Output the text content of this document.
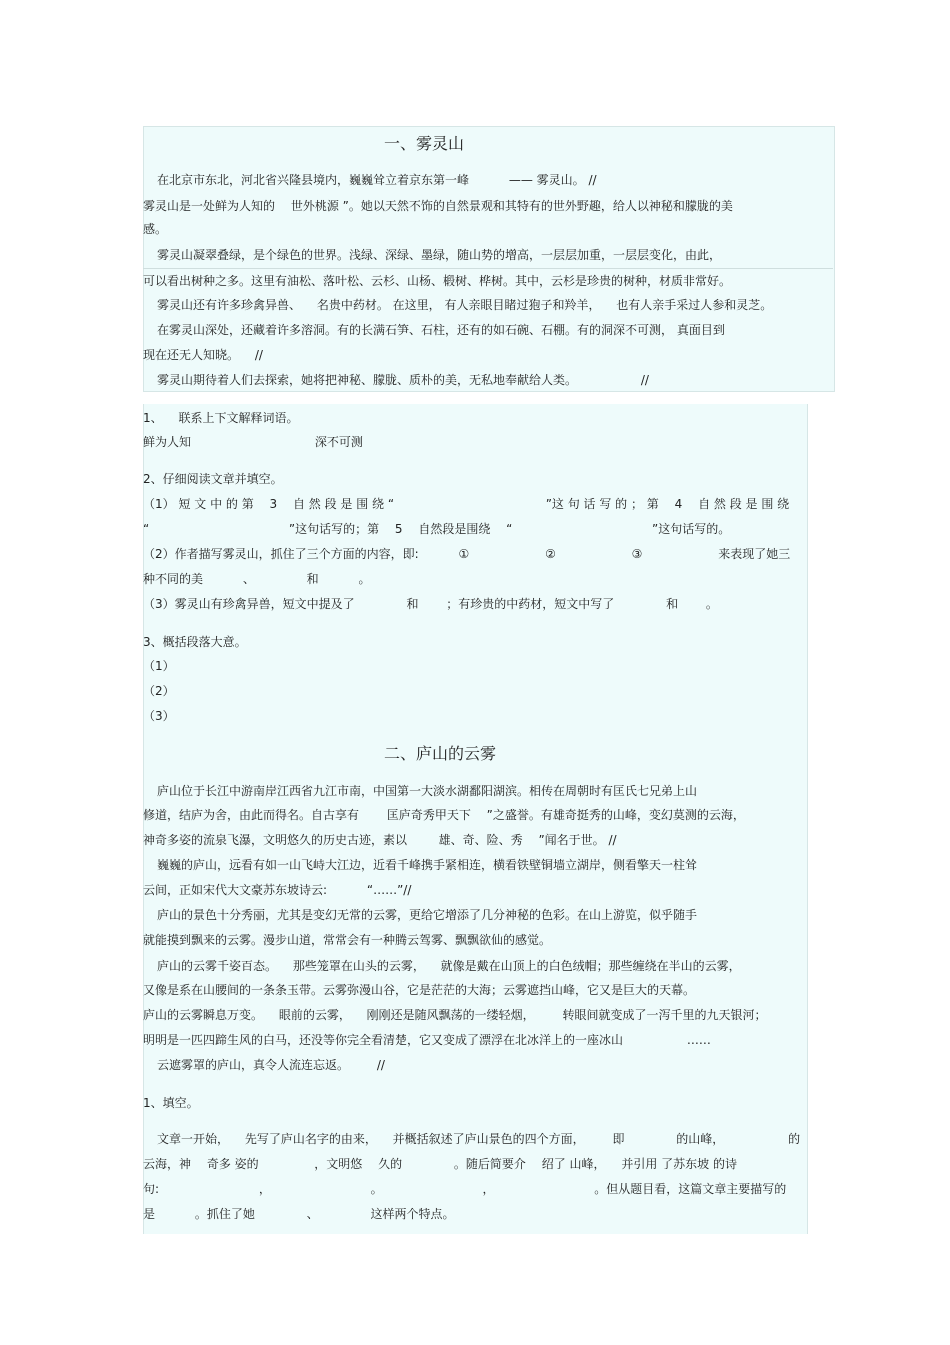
一、雾灵山
在北京市东北，河北省兴隆县境内，巍巍耸立着京东第一峰 　　　—— 雾灵山。 //
雾灵山是一处鲜为人知的 　世外桃源 ”。她以天然不饰的自然景观和其特有的世外野趣，给人以神秘和朦胧的美
感。
雾灵山凝翠叠绿，是个绿色的世界。浅绿、深绿、墨绿，随山势的增高，一层层加重，一层层变化，由此，
可以看出树种之多。这里有油松、落叶松、云杉、山杨、椴树、桦树。其中，云杉是珍贵的树种，材质非常好。
雾灵山还有许多珍禽异兽、 　名贵中药材。 在这里， 有人亲眼目睹过狍子和羚羊， 　也有人亲手采过人参和灵芝。
在雾灵山深处，还藏着许多溶洞。有的长满石笋、石柱，还有的如石碗、石棚。有的洞深不可测， 真面目到
现在还无人知晓。 　//
雾灵山期待着人们去探索，她将把神秘、朦胧、质朴的美，无私地奉献给人类。 　　　　　//
1、 　联系上下文解释词语。
鲜为人知 　　　　　　　　　　深不可测
2、仔细阅读文章并填空。
（1） 短 文 中 的 第 　3 　自 然 段 是 围 绕 “ 　　　　　　　　　　　　 ”这 句 话 写 的 ； 第 　4 　自 然 段 是 围 绕
“ 　　　　　　　　　　 　”这句话写的；第 　5 　自然段是围绕 　“ 　　　　　　　　　　 　”这句话写的。
（2）作者描写雾灵山，抓住了三个方面的内容，即: 　　　① 　　　　　　② 　　　　　　③ 　　　　　　来表现了她三
种不同的美 　　　、 　　　　和 　　　。
（3）雾灵山有珍禽异兽，短文中提及了 　　　　和 　　；有珍贵的中药材，短文中写了 　　　　和 　　。
3、概括段落大意。
（1）
（2）
（3）
二、庐山的云雾
庐山位于长江中游南岸江西省九江市南，中国第一大淡水湖鄱阳湖滨。相传在周朝时有匡氏七兄弟上山
修道，结庐为舍，由此而得名。自古享有 　　匡庐奇秀甲天下 　”之盛誉。有雄奇挺秀的山峰，变幻莫测的云海，
神奇多姿的流泉飞瀑，文明悠久的历史古迹，素以 　　 雄、奇、险、秀 　”闻名于世。 //
巍巍的庐山，远看有如一山飞峙大江边，近看千峰携手紧相连，横看铁壁铜墙立湖岸，侧看擎天一柱耸
云间，正如宋代大文豪苏东坡诗云: 　　　“……”//
庐山的景色十分秀丽，尤其是变幻无常的云雾，更给它增添了几分神秘的色彩。在山上游览，似乎随手
就能摸到飘来的云雾。漫步山道，常常会有一种腾云驾雾、飘飘欲仙的感觉。
庐山的云雾千姿百态。 　那些笼罩在山头的云雾， 　就像是戴在山顶上的白色绒帽；那些缠绕在半山的云雾，
又像是系在山腰间的一条条玉带。云雾弥漫山谷，它是茫茫的大海；云雾遮挡山峰，它又是巨大的天幕。
庐山的云雾瞬息万变。 　眼前的云雾， 　刚刚还是随风飘荡的一缕轻烟， 　　转眼间就变成了一泻千里的九天银河；
明明是一匹四蹄生风的白马，还没等你完全看清楚，它又变成了漂浮在北冰洋上的一座冰山 　　　　　……
云遮雾罩的庐山，真令人流连忘返。 　　//
1、填空。
文章一开始， 　先写了庐山名字的由来， 　并概括叙述了庐山景色的四个方面， 　　即 　　　　的山峰， 　　　　　的
云海，神 　奇多 姿的 　　　　 ，文明悠 　久的 　　　　。随后简要介 　绍了 山峰， 　并引用 了苏东坡 的诗
句: 　　　　　　　　， 　　　　　　　　。 　　　　　　　　， 　　　　　　　　。但从题目看，这篇文章主要描写的
是 　　　。抓住了她 　　　　、 　　　　这样两个特点。
